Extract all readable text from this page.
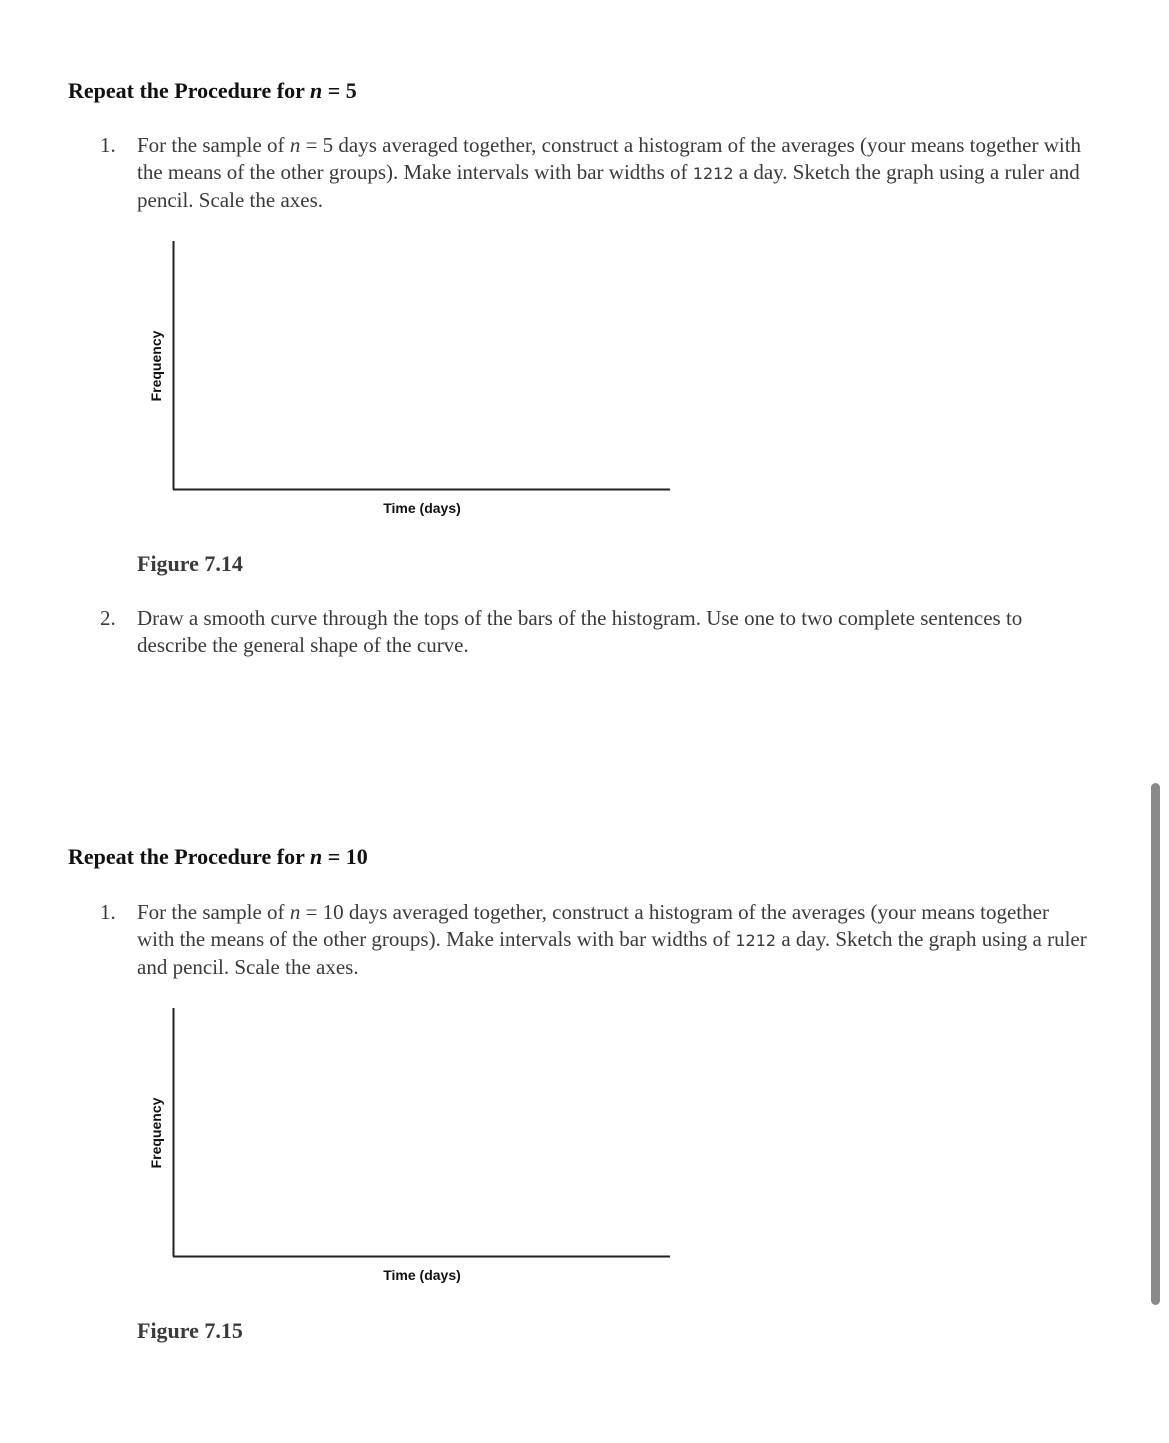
Repeat the Procedure for n = 5
1. For the sample of n = 5 days averaged together, construct a histogram of the averages (your means together with the means of the other groups). Make intervals with bar widths of 1212 a day. Sketch the graph using a ruler and pencil. Scale the axes.
Frequency
Time (days)
Figure 7.14
2. Draw a smooth curve through the tops of the bars of the histogram. Use one to two complete sentences to describe the general shape of the curve.
Repeat the Procedure for n = 10
1. For the sample of n = 10 days averaged together, construct a histogram of the averages (your means together with the means of the other groups). Make intervals with bar widths of 1212 a day. Sketch the graph using a ruler and pencil. Scale the axes.
Frequency
Time (days)
Figure 7.15
